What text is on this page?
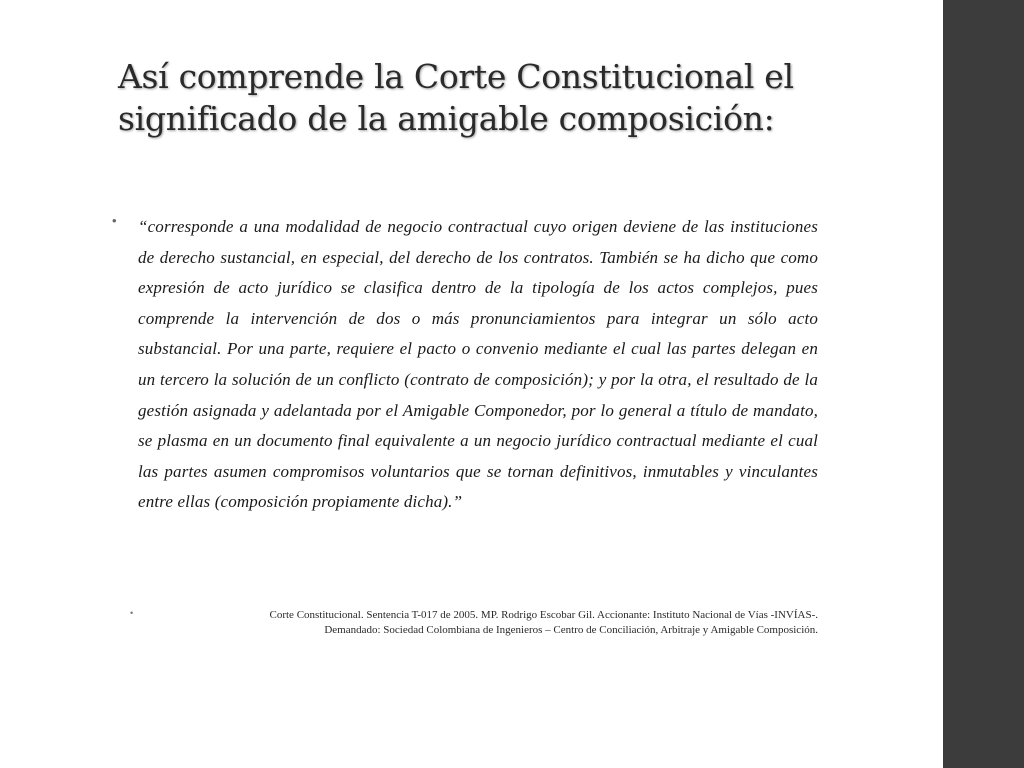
Así comprende la Corte Constitucional el
significado de la amigable composición:
• “corresponde a una modalidad de negocio contractual cuyo origen deviene de las instituciones de derecho sustancial, en especial, del derecho de los contratos. También se ha dicho que como expresión de acto jurídico se clasifica dentro de la tipología de los actos complejos, pues comprende la intervención de dos o más pronunciamientos para integrar un sólo acto substancial. Por una parte, requiere el pacto o convenio mediante el cual las partes delegan en un tercero la solución de un conflicto (contrato de composición); y por la otra, el resultado de la gestión asignada y adelantada por el Amigable Componedor, por lo general a título de mandato, se plasma en un documento final equivalente a un negocio jurídico contractual mediante el cual las partes asumen compromisos voluntarios que se tornan definitivos, inmutables y vinculantes entre ellas (composición propiamente dicha).”

•	Corte Constitucional. Sentencia T-017 de 2005. MP. Rodrigo Escobar Gil. Accionante: Instituto Nacional de Vías -INVÍAS-.
Demandado: Sociedad Colombiana de Ingenieros – Centro de Conciliación, Arbitraje y Amigable Composición.
